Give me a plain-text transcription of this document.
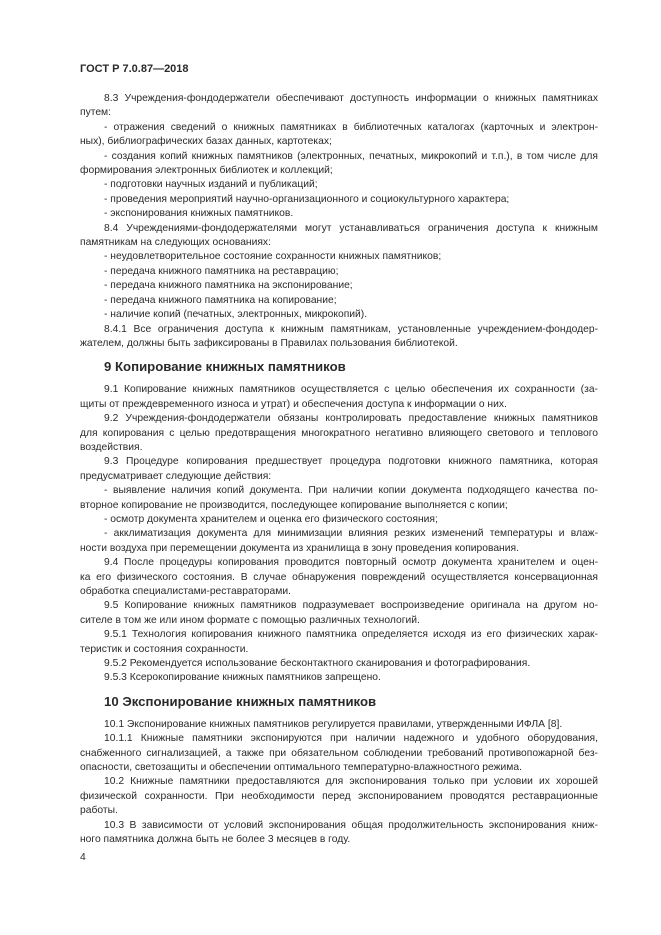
ГОСТ Р 7.0.87—2018
8.3 Учреждения-фондодержатели обеспечивают доступность информации о книжных памятниках
путем:
- отражения сведений о книжных памятниках в библиотечных каталогах (карточных и электрон-
ных), библиографических базах данных, картотеках;
- создания копий книжных памятников (электронных, печатных, микрокопий и т.п.), в том числе для
формирования электронных библиотек и коллекций;
- подготовки научных изданий и публикаций;
- проведения мероприятий научно-организационного и социокультурного характера;
- экспонирования книжных памятников.
8.4 Учреждениями-фондодержателями могут устанавливаться ограничения доступа к книжным
памятникам на следующих основаниях:
- неудовлетворительное состояние сохранности книжных памятников;
- передача книжного памятника на реставрацию;
- передача книжного памятника на экспонирование;
- передача книжного памятника на копирование;
- наличие копий (печатных, электронных, микрокопий).
8.4.1 Все ограничения доступа к книжным памятникам, установленные учреждением-фондодер-
жателем, должны быть зафиксированы в Правилах пользования библиотекой.
9 Копирование книжных памятников
9.1 Копирование книжных памятников осуществляется с целью обеспечения их сохранности (за-
щиты от преждевременного износа и утрат) и обеспечения доступа к информации о них.
9.2 Учреждения-фондодержатели обязаны контролировать предоставление книжных памятников
для копирования с целью предотвращения многократного негативно влияющего светового и теплового
воздействия.
9.3 Процедуре копирования предшествует процедура подготовки книжного памятника, которая
предусматривает следующие действия:
- выявление наличия копий документа. При наличии копии документа подходящего качества по-
вторное копирование не производится, последующее копирование выполняется с копии;
- осмотр документа хранителем и оценка его физического состояния;
- акклиматизация документа для минимизации влияния резких изменений температуры и влаж-
ности воздуха при перемещении документа из хранилища в зону проведения копирования.
9.4 После процедуры копирования проводится повторный осмотр документа хранителем и оцен-
ка его физического состояния. В случае обнаружения повреждений осуществляется консервационная
обработка специалистами-реставраторами.
9.5 Копирование книжных памятников подразумевает воспроизведение оригинала на другом но-
сителе в том же или ином формате с помощью различных технологий.
9.5.1 Технология копирования книжного памятника определяется исходя из его физических харак-
теристик и состояния сохранности.
9.5.2 Рекомендуется использование бесконтактного сканирования и фотографирования.
9.5.3 Ксерокопирование книжных памятников запрещено.
10 Экспонирование книжных памятников
10.1 Экспонирование книжных памятников регулируется правилами, утвержденными ИФЛА [8].
10.1.1 Книжные памятники экспонируются при наличии надежного и удобного оборудования,
снабженного сигнализацией, а также при обязательном соблюдении требований противопожарной без-
опасности, светозащиты и обеспечении оптимального температурно-влажностного режима.
10.2 Книжные памятники предоставляются для экспонирования только при условии их хорошей
физической сохранности. При необходимости перед экспонированием проводятся реставрационные
работы.
10.3 В зависимости от условий экспонирования общая продолжительность экспонирования книж-
ного памятника должна быть не более 3 месяцев в году.
4
